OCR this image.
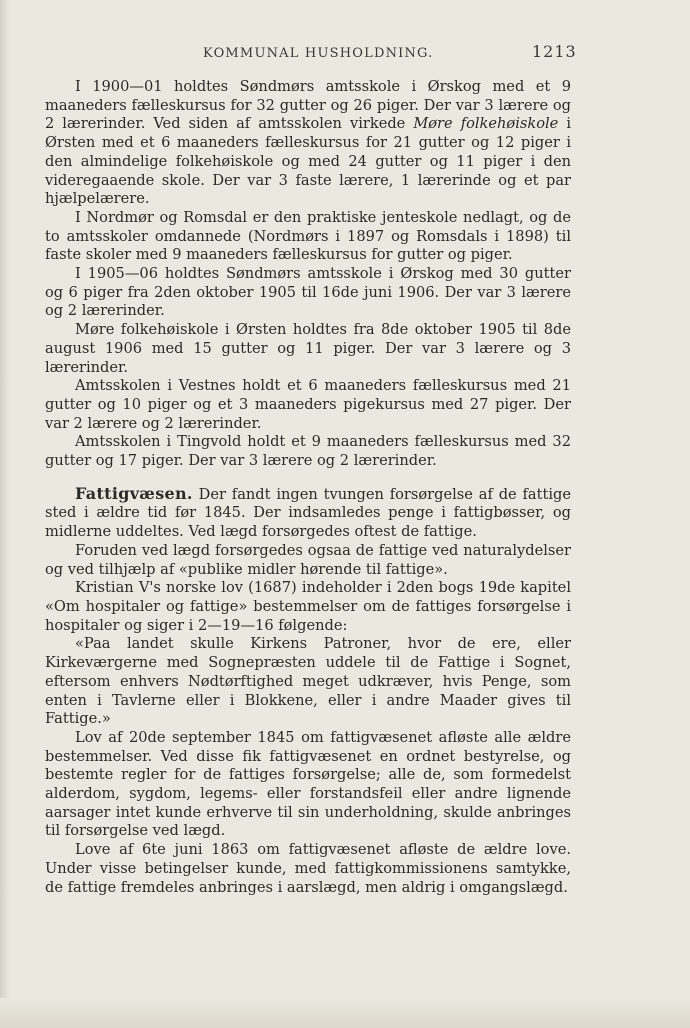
KOMMUNAL HUSHOLDNING.	1213

I 1900—01 holdtes Søndmørs amtsskole i Ørskog med et 9 maaneders fælleskursus for 32 gutter og 26 piger. Der var 3 lærere og 2 lærerinder. Ved siden af amtsskolen virkede Møre folkehøiskole i Ørsten med et 6 maaneders fælleskursus for 21 gutter og 12 piger i den almindelige folkehøiskole og med 24 gutter og 11 piger i den videregaaende skole. Der var 3 faste lærere, 1 lærerinde og et par hjælpelærere.

I Nordmør og Romsdal er den praktiske jenteskole nedlagt, og de to amtsskoler omdannede (Nordmørs i 1897 og Romsdals i 1898) til faste skoler med 9 maaneders fælleskursus for gutter og piger.

I 1905—06 holdtes Søndmørs amtsskole i Ørskog med 30 gutter og 6 piger fra 2den oktober 1905 til 16de juni 1906. Der var 3 lærere og 2 lærerinder.

Møre folkehøiskole i Ørsten holdtes fra 8de oktober 1905 til 8de august 1906 med 15 gutter og 11 piger. Der var 3 lærere og 3 lærerinder.

Amtsskolen i Vestnes holdt et 6 maaneders fælleskursus med 21 gutter og 10 piger og et 3 maaneders pigekursus med 27 piger. Der var 2 lærere og 2 lærerinder.

Amtsskolen i Tingvold holdt et 9 maaneders fælleskursus med 32 gutter og 17 piger. Der var 3 lærere og 2 lærerinder.

Fattigvæsen. Der fandt ingen tvungen forsørgelse af de fattige sted i ældre tid før 1845. Der indsamledes penge i fattigbøsser, og midlerne uddeltes. Ved lægd forsørgedes oftest de fattige.

Foruden ved lægd forsørgedes ogsaa de fattige ved naturalydelser og ved tilhjælp af «publike midler hørende til fattige».

Kristian V's norske lov (1687) indeholder i 2den bogs 19de kapitel «Om hospitaler og fattige» bestemmelser om de fattiges forsørgelse i hospitaler og siger i 2—19—16 følgende:

«Paa landet skulle Kirkens Patroner, hvor de ere, eller Kirkeværgerne med Sognepræsten uddele til de Fattige i Sognet, eftersom enhvers Nødtørftighed meget udkræver, hvis Penge, som enten i Tavlerne eller i Blokkene, eller i andre Maader gives til Fattige.»

Lov af 20de september 1845 om fattigvæsenet afløste alle ældre bestemmelser. Ved disse fik fattigvæsenet en ordnet bestyrelse, og bestemte regler for de fattiges forsørgelse; alle de, som formedelst alderdom, sygdom, legems- eller forstandsfeil eller andre lignende aarsager intet kunde erhverve til sin underholdning, skulde anbringes til forsørgelse ved lægd.

Love af 6te juni 1863 om fattigvæsenet afløste de ældre love. Under visse betingelser kunde, med fattigkommissionens samtykke, de fattige fremdeles anbringes i aarslægd, men aldrig i omgangslægd.
